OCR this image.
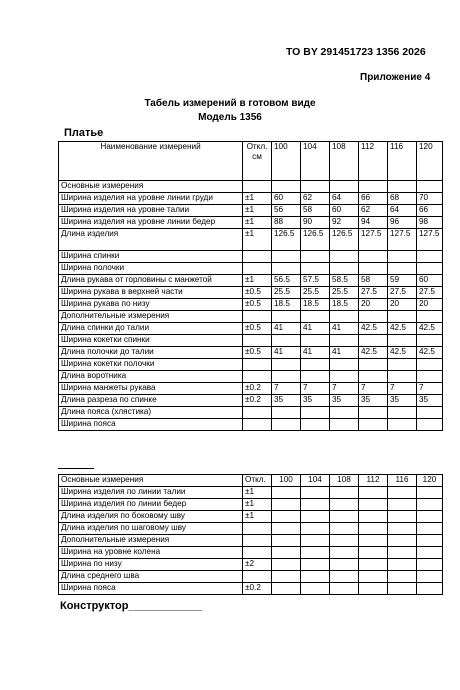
ТО BY 291451723 1356 2026
Приложение 4
Табель измерений в готовом виде
Модель 1356
Платье
Наименование измерений	Откл. см	100	104	108	112	116	120
Основные измерения							
Ширина изделия на уровне линии груди	±1	60	62	64	66	68	70
Ширина изделия на уровне талии	±1	56	58	60	62	64	66
Ширина изделия на уровне линии бедер	±1	88	90	92	94	96	98
Длина изделия	±1	126.5	126.5	126.5	127.5	127.5	127.5
Ширина спинки							
Ширина полочки							
Длина рукава от горловины с манжетой	±1	56.5	57.5	58.5	58	59	60
Ширина рукава в верхней части	±0.5	25.5	25.5	25.5	27.5	27.5	27.5
Ширина рукава по низу	±0.5	18.5	18.5	18.5	20	20	20
Дополнительные измерения							
Длина спинки до талии	±0.5	41	41	41	42.5	42.5	42.5
Ширина кокетки спинки							
Длина полочки до талии	±0.5	41	41	41	42.5	42.5	42.5
Ширина кокетки полочки							
Длина воротника							
Ширина манжеты рукава	±0.2	7	7	7	7	7	7
Длина разреза по спинке	±0.2	35	35	35	35	35	35
Длина пояса (хлястика)							
Ширина пояса							
Основные измерения	Откл.	100	104	108	112	116	120
Ширина изделия по линии талии	±1						
Ширина изделия по линии бедер	±1						
Длина изделия по боковому шву	±1						
Длина изделия по шаговому шву							
Дополнительные измерения							
Ширина на уровне колена							
Ширина по низу	±2						
Длина среднего шва							
Ширина пояса	±0.2						
Конструктор____________
